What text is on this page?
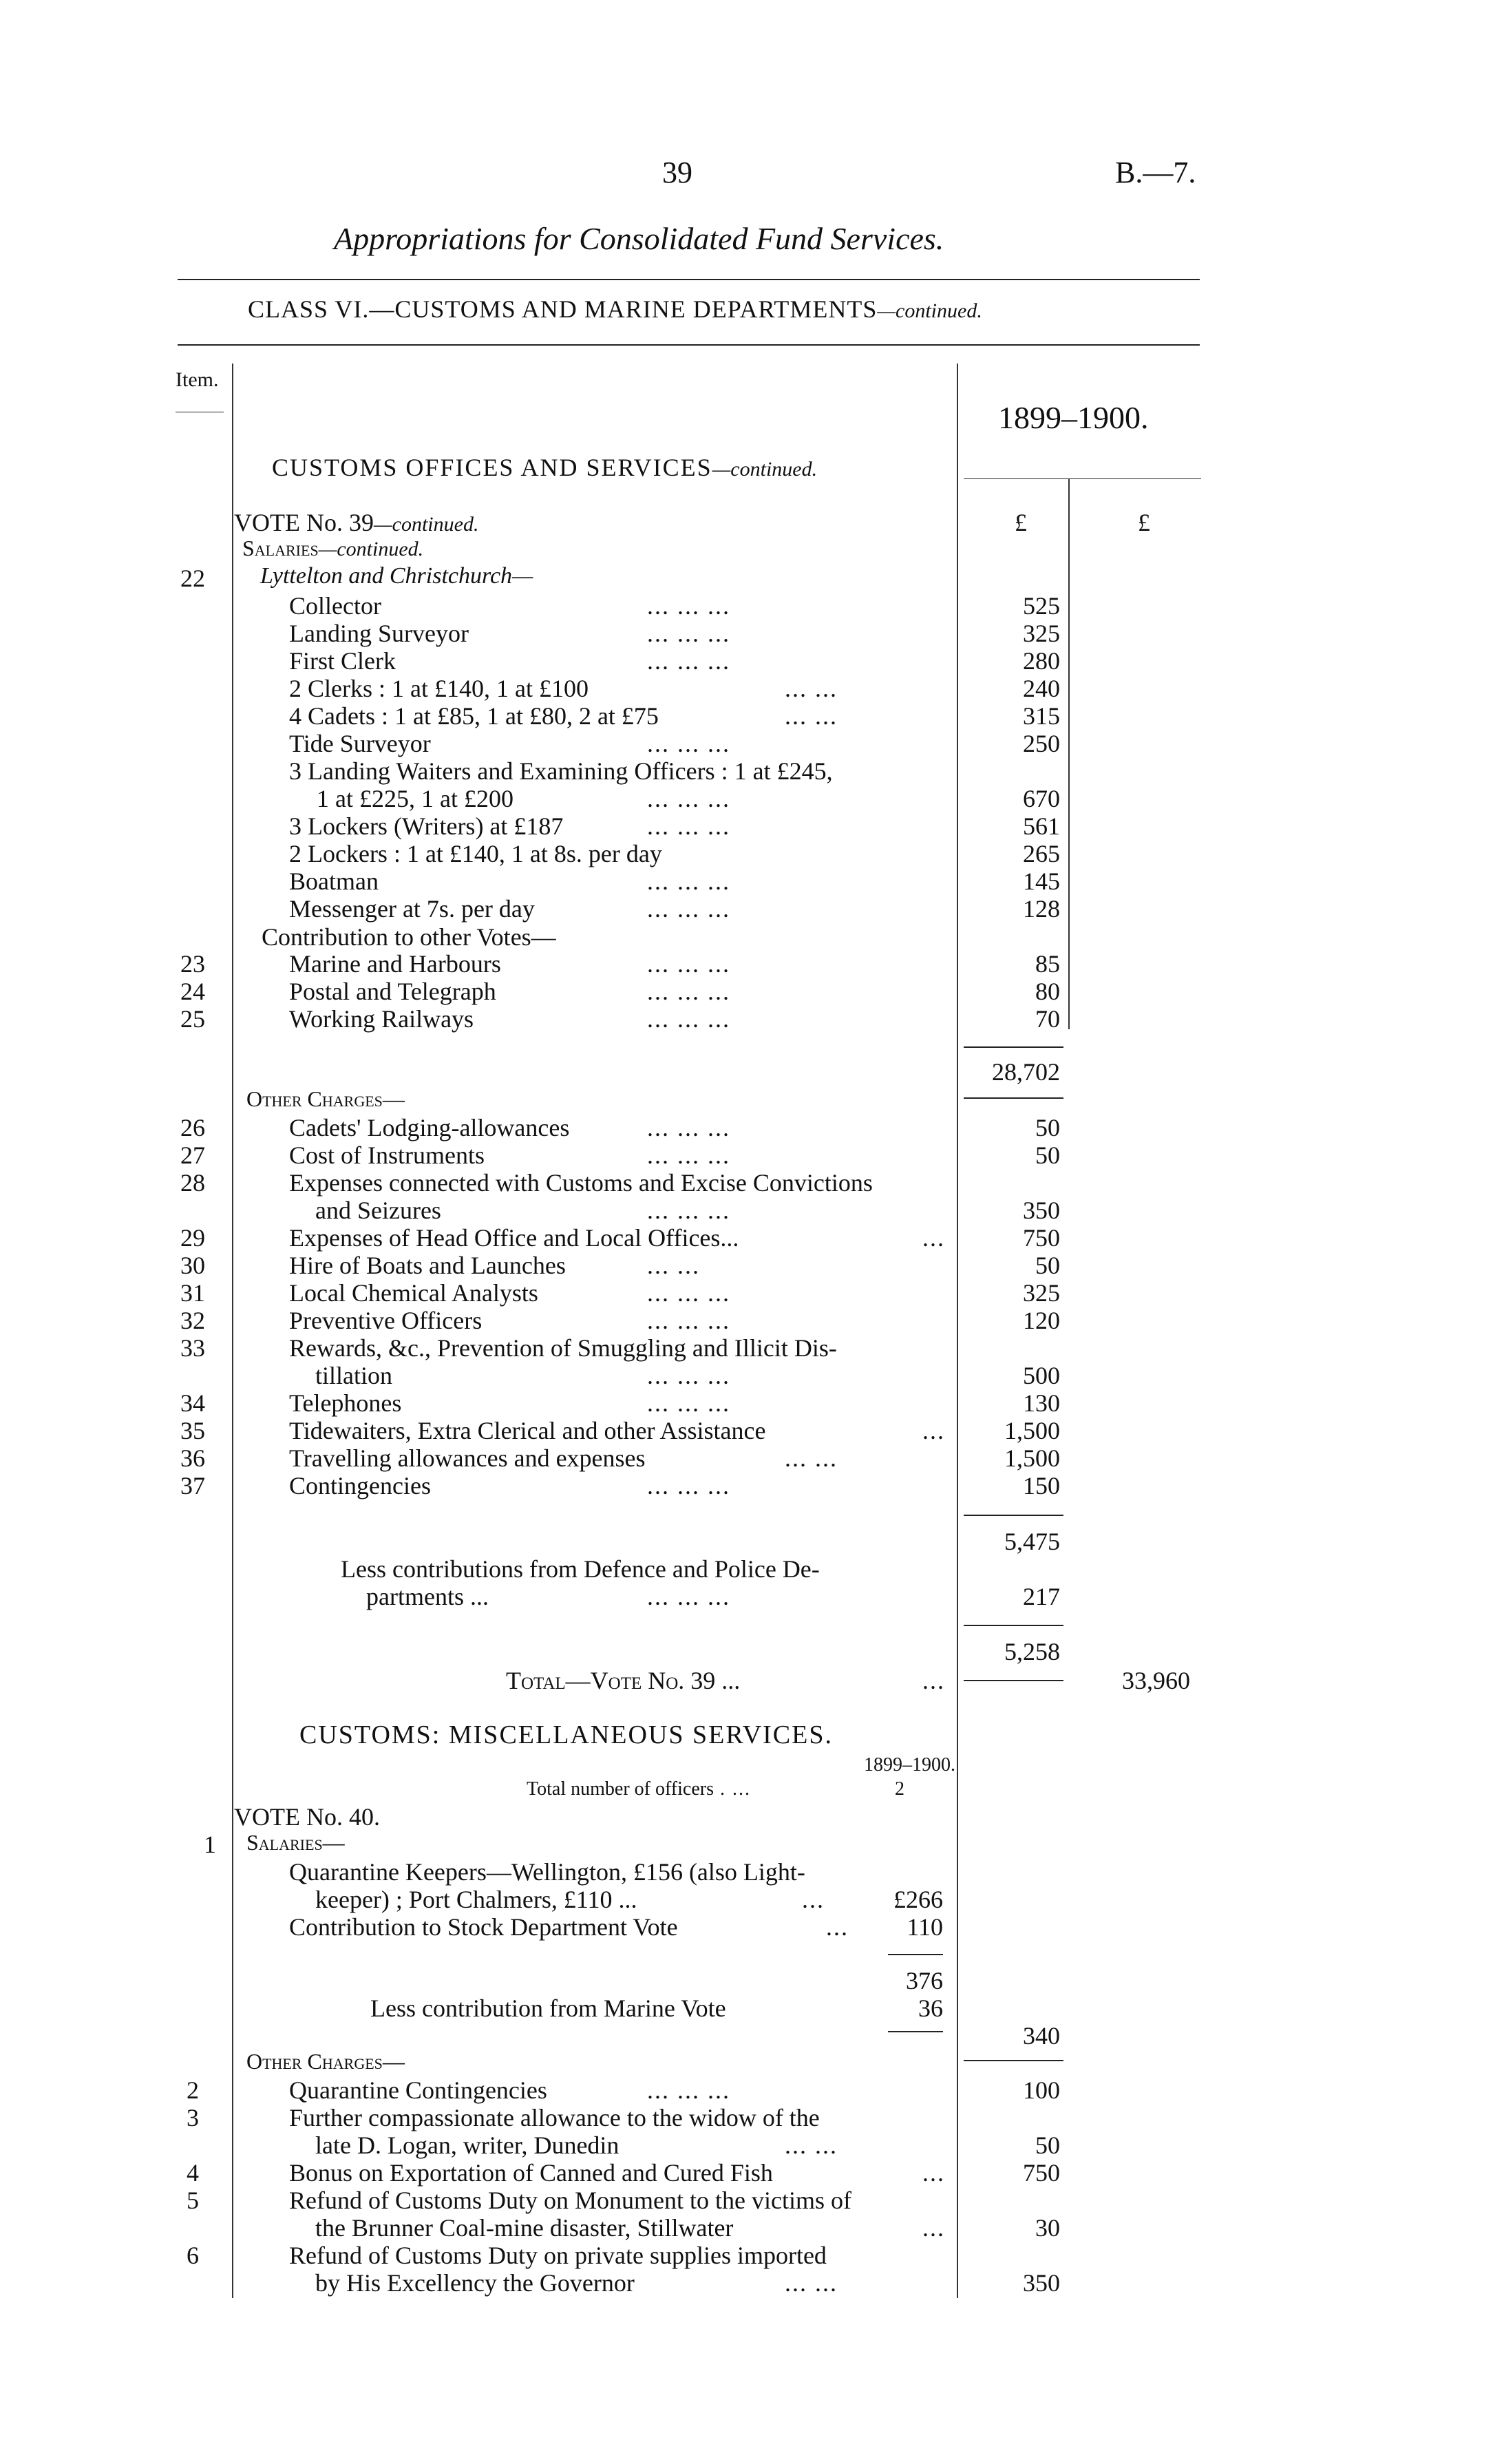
39	B.—7.
Appropriations for Consolidated Fund Services.
CLASS VI.—CUSTOMS AND MARINE DEPARTMENTS—continued.
Item.
1899–1900.
£	£
CUSTOMS OFFICES AND SERVICES—continued.
VOTE No. 39—continued.
Salaries—continued.
Lyttelton and Christchurch—
22
Collector	... ... ...	525
Landing Surveyor	... ... ...	325
First Clerk	... ... ...	280
2 Clerks : 1 at £140, 1 at £100	... ...	240
4 Cadets : 1 at £85, 1 at £80, 2 at £75	... ...	315
Tide Surveyor	... ... ...	250
3 Landing Waiters and Examining Officers : 1 at £245,
1 at £225, 1 at £200	... ... ...	670
3 Lockers (Writers) at £187	... ... ...	561
2 Lockers : 1 at £140, 1 at 8s. per day	265
Boatman	... ... ...	145
Messenger at 7s. per day	... ... ...	128
Contribution to other Votes—
23	Marine and Harbours	... ... ...	85
24	Postal and Telegraph	... ... ...	80
25	Working Railways	... ... ...	70
28,702
Other Charges—
26	Cadets' Lodging-allowances	... ... ...	50
27	Cost of Instruments	... ... ...	50
28	Expenses connected with Customs and Excise Convictions
and Seizures	... ... ...	350
29	Expenses of Head Office and Local Offices...	...	750
30	Hire of Boats and Launches	... ...	50
31	Local Chemical Analysts	... ... ...	325
32	Preventive Officers	... ... ...	120
33	Rewards, &c., Prevention of Smuggling and Illicit Dis-
tillation	... ... ...	500
34	Telephones	... ... ...	130
35	Tidewaiters, Extra Clerical and other Assistance	...	1,500
36	Travelling allowances and expenses	... ...	1,500
37	Contingencies	... ... ...	150
5,475
Less contributions from Defence and Police De-
partments ...	... ... ...	217
5,258
Total—Vote No. 39 ...	...	33,960
CUSTOMS: MISCELLANEOUS SERVICES.
1899–1900.
Total number of officers . ...	2
VOTE No. 40.
1 Salaries—
Quarantine Keepers—Wellington, £156 (also Light-
keeper) ; Port Chalmers, £110 ...	...	£266
Contribution to Stock Department Vote	...	110
376
Less contribution from Marine Vote	36
340
Other Charges—
2	Quarantine Contingencies	... ... ...	100
3	Further compassionate allowance to the widow of the
late D. Logan, writer, Dunedin	... ...	50
4	Bonus on Exportation of Canned and Cured Fish	...	750
5	Refund of Customs Duty on Monument to the victims of
the Brunner Coal-mine disaster, Stillwater	...	30
6	Refund of Customs Duty on private supplies imported
by His Excellency the Governor	... ...	350
